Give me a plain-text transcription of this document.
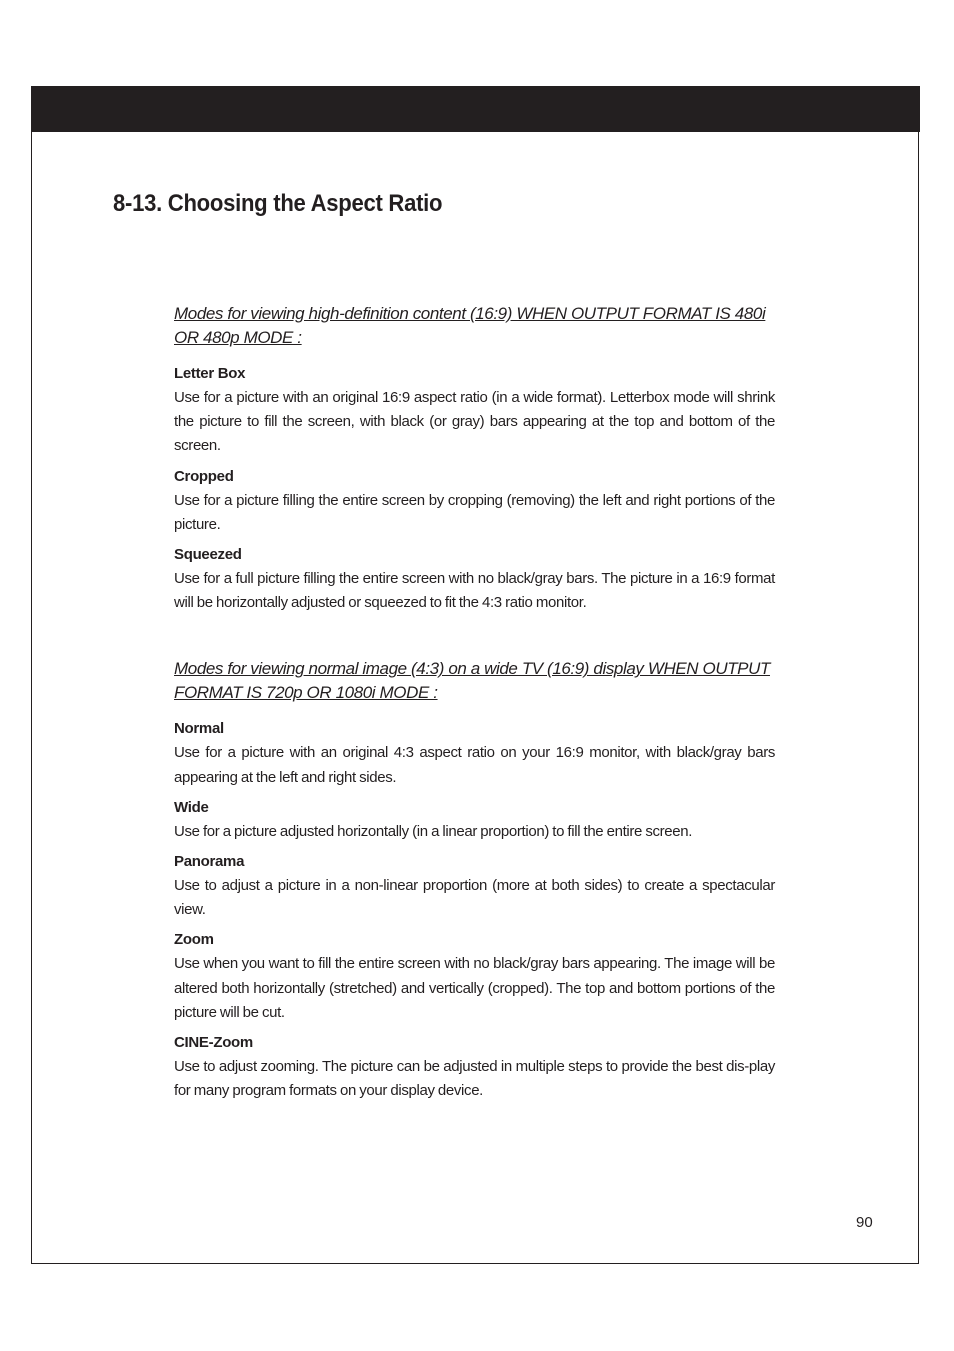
8-13. Choosing the Aspect Ratio

Modes for viewing high-definition content (16:9) WHEN OUTPUT FORMAT IS 480i OR 480p MODE :

Letter Box
Use for a picture with an original 16:9 aspect ratio (in a wide format). Letterbox mode will shrink the picture to fill the screen, with black (or gray) bars appearing at the top and bottom of the screen.
Cropped
Use for a picture filling the entire screen by cropping (removing) the left and right portions of the picture.
Squeezed
Use for a full picture filling the entire screen with no black/gray bars. The picture in a 16:9 format will be horizontally adjusted or squeezed to fit the 4:3 ratio monitor.

Modes for viewing normal image (4:3) on a wide TV (16:9) display WHEN OUTPUT FORMAT IS 720p OR 1080i MODE :

Normal
Use for a picture with an original 4:3 aspect ratio on your 16:9 monitor, with black/gray bars appearing at the left and right sides.
Wide
Use for a picture adjusted horizontally (in a linear proportion) to fill the entire screen.
Panorama
Use to adjust a picture in a non-linear proportion (more at both sides) to create a spectacular view.
Zoom
Use when you want to fill the entire screen with no black/gray bars appearing. The image will be altered both horizontally (stretched) and vertically (cropped). The top and bottom portions of the picture will be cut.
CINE-Zoom
Use to adjust zooming. The picture can be adjusted in multiple steps to provide the best dis-play for many program formats on your display device.
90
